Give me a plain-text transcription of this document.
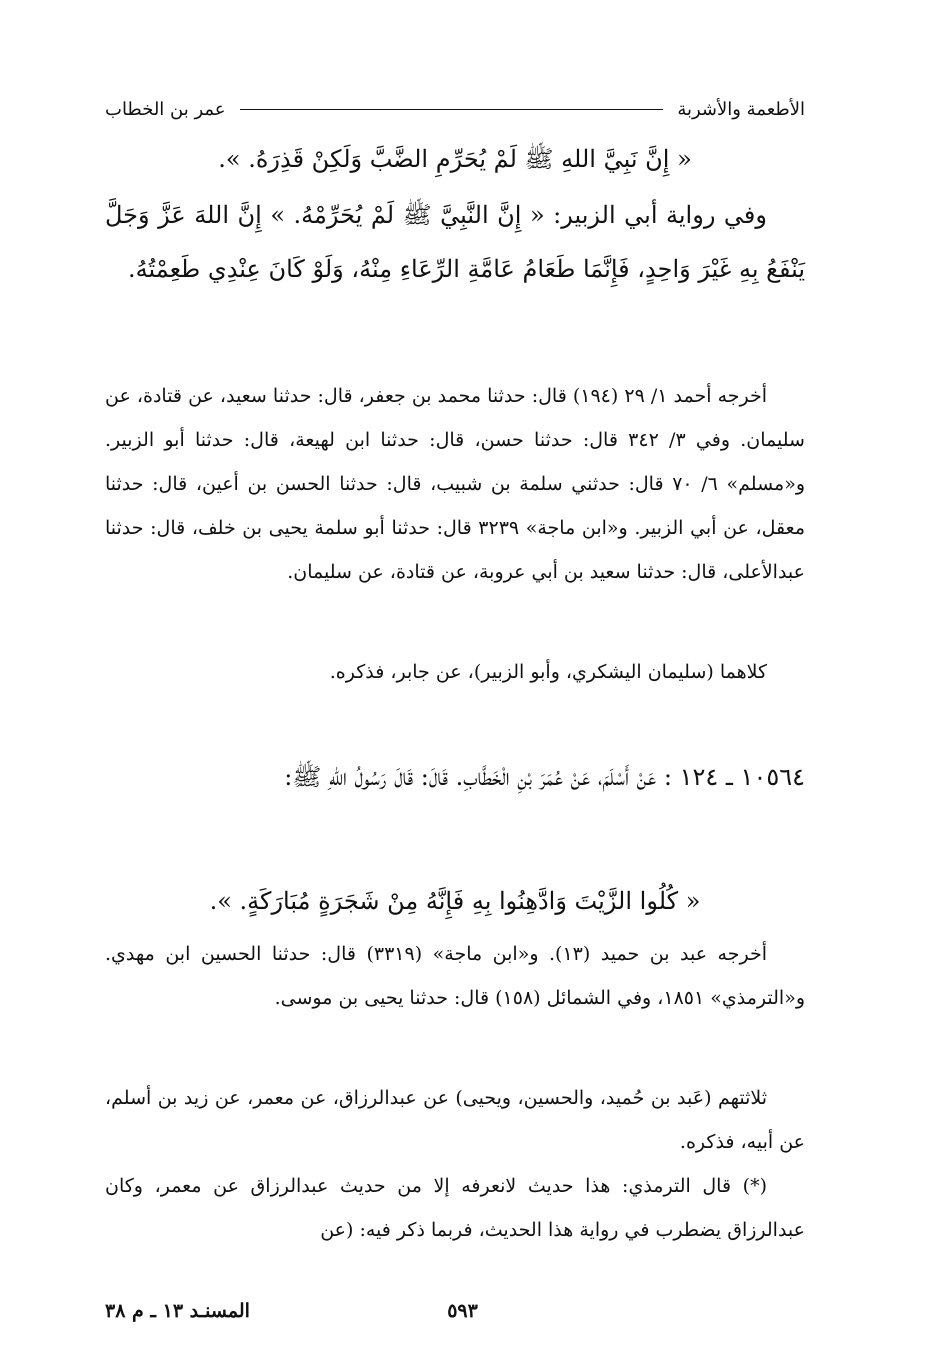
الأطعمة والأشربة
عمر بن الخطاب
« إِنَّ نَبِيَّ اللهِ ﷺ لَمْ يُحَرِّمِ الضَّبَّ وَلَكِنْ قَذِرَهُ. ».
وفي رواية أبي الزبير: « إِنَّ النَّبِيَّ ﷺ لَمْ يُحَرِّمْهُ. » إِنَّ اللهَ عَزَّ وَجَلَّ يَنْفَعُ بِهِ غَيْرَ وَاحِدٍ، فَإِنَّمَا طَعَامُ عَامَّةِ الرِّعَاءِ مِنْهُ، وَلَوْ كَانَ عِنْدِي طَعِمْتُهُ.
أخرجه أحمد ١/ ٢٩ (١٩٤) قال: حدثنا محمد بن جعفر، قال: حدثنا سعيد، عن قتادة، عن سليمان. وفي ٣/ ٣٤٢ قال: حدثنا حسن، قال: حدثنا ابن لهيعة، قال: حدثنا أبو الزبير. و«مسلم» ٦/ ٧٠ قال: حدثني سلمة بن شبيب، قال: حدثنا الحسن بن أعين، قال: حدثنا معقل، عن أبي الزبير. و«ابن ماجة» ٣٢٣٩ قال: حدثنا أبو سلمة يحيى بن خلف، قال: حدثنا عبدالأعلى، قال: حدثنا سعيد بن أبي عروبة، عن قتادة، عن سليمان.
كلاهما (سليمان اليشكري، وأبو الزبير)، عن جابر، فذكره.
١٠٥٦٤ ـ ١٢٤ : عَنْ أَسْلَمَ، عَنْ عُمَرَ بْنِ الْخَطَّابِ. قَالَ: قَالَ رَسُولُ اللهِ ﷺ:
« كُلُوا الزَّيْتَ وَادَّهِنُوا بِهِ فَإِنَّهُ مِنْ شَجَرَةٍ مُبَارَكَةٍ. ».
أخرجه عبد بن حميد (١٣). و«ابن ماجة» (٣٣١٩) قال: حدثنا الحسين ابن مهدي. و«الترمذي» ١٨٥١، وفي الشمائل (١٥٨) قال: حدثنا يحيى بن موسى.
ثلاثتهم (عَبد بن حُميد، والحسين، ويحيى) عن عبدالرزاق، عن معمر، عن زيد بن أسلم، عن أبيه، فذكره.
(*) قال الترمذي: هذا حديث لانعرفه إلا من حديث عبدالرزاق عن معمر، وكان عبدالرزاق يضطرب في رواية هذا الحديث، فربما ذكر فيه: (عن
٥٩٣
المسنـد ١٣ ـ م ٣٨
